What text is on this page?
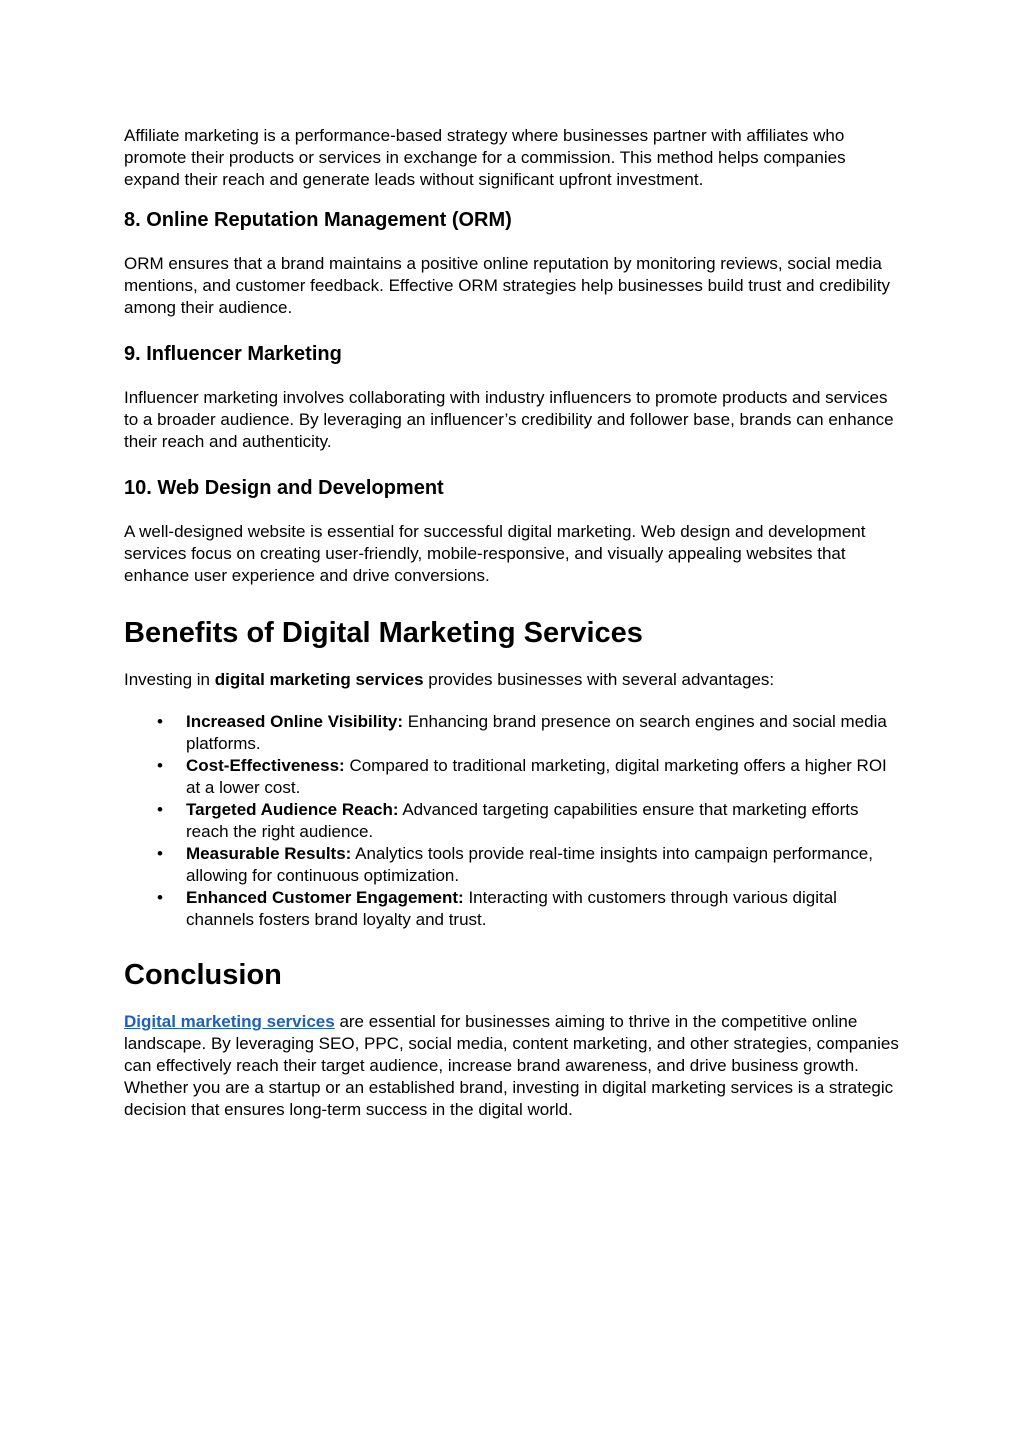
Affiliate marketing is a performance-based strategy where businesses partner with affiliates who promote their products or services in exchange for a commission. This method helps companies expand their reach and generate leads without significant upfront investment.

8. Online Reputation Management (ORM)

ORM ensures that a brand maintains a positive online reputation by monitoring reviews, social media mentions, and customer feedback. Effective ORM strategies help businesses build trust and credibility among their audience.

9. Influencer Marketing

Influencer marketing involves collaborating with industry influencers to promote products and services to a broader audience. By leveraging an influencer’s credibility and follower base, brands can enhance their reach and authenticity.

10. Web Design and Development

A well-designed website is essential for successful digital marketing. Web design and development services focus on creating user-friendly, mobile-responsive, and visually appealing websites that enhance user experience and drive conversions.

Benefits of Digital Marketing Services

Investing in digital marketing services provides businesses with several advantages:

• Increased Online Visibility: Enhancing brand presence on search engines and social media platforms.
• Cost-Effectiveness: Compared to traditional marketing, digital marketing offers a higher ROI at a lower cost.
• Targeted Audience Reach: Advanced targeting capabilities ensure that marketing efforts reach the right audience.
• Measurable Results: Analytics tools provide real-time insights into campaign performance, allowing for continuous optimization.
• Enhanced Customer Engagement: Interacting with customers through various digital channels fosters brand loyalty and trust.
Conclusion

Digital marketing services are essential for businesses aiming to thrive in the competitive online landscape. By leveraging SEO, PPC, social media, content marketing, and other strategies, companies can effectively reach their target audience, increase brand awareness, and drive business growth. Whether you are a startup or an established brand, investing in digital marketing services is a strategic decision that ensures long-term success in the digital world.
